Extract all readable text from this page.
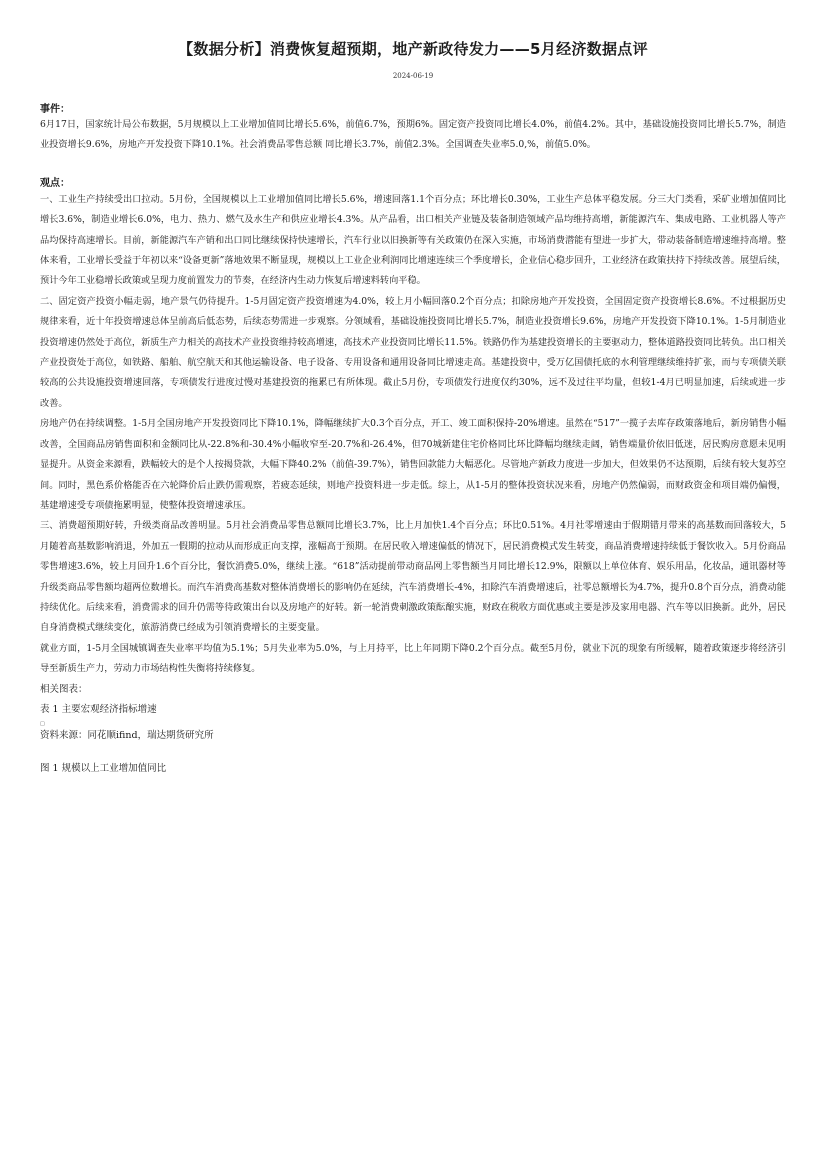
【数据分析】消费恢复超预期，地产新政待发力——5月经济数据点评
2024-06-19
事件：

6月17日，国家统计局公布数据，5月规模以上工业增加值同比增长5.6%，前值6.7%，预期6%。固定资产投资同比增长4.0%，前值4.2%。其中，基础设施投资同比增长5.7%，制造业投资增长9.6%，房地产开发投资下降10.1%。社会消费品零售总额 同比增长3.7%，前值2.3%。全国调查失业率5.0,%，前值5.0%。

观点：

一、工业生产持续受出口拉动。5月份，全国规模以上工业增加值同比增长5.6%，增速回落1.1个百分点；环比增长0.30%，工业生产总体平稳发展。分三大门类看，采矿业增加值同比增长3.6%，制造业增长6.0%，电力、热力、燃气及水生产和供应业增长4.3%。从产品看，出口相关产业链及装备制造领域产品均维持高增，新能源汽车、集成电路、工业机器人等产品均保持高速增长。目前，新能源汽车产销和出口同比继续保持快速增长，汽车行业以旧换新等有关政策仍在深入实施，市场消费潜能有望进一步扩大，带动装备制造增速维持高增。整体来看，工业增长受益于年初以来“设备更新”落地效果不断显现，规模以上工业企业利润同比增速连续三个季度增长，企业信心稳步回升，工业经济在政策扶持下持续改善。展望后续，预计今年工业稳增长政策或呈现力度前置发力的节奏，在经济内生动力恢复后增速料转向平稳。

二、固定资产投资小幅走弱，地产景气仍待提升。1-5月固定资产投资增速为4.0%，较上月小幅回落0.2个百分点；扣除房地产开发投资，全国固定资产投资增长8.6%。不过根据历史规律来看，近十年投资增速总体呈前高后低态势，后续态势需进一步观察。分领域看，基础设施投资同比增长5.7%，制造业投资增长9.6%，房地产开发投资下降10.1%。1-5月制造业投资增速仍然处于高位，新质生产力相关的高技术产业投资维持较高增速，高技术产业投资同比增长11.5%。铁路仍作为基建投资增长的主要驱动力，整体道路投资同比转负。出口相关产业投资处于高位，如铁路、船舶、航空航天和其他运输设备、电子设备、专用设备和通用设备同比增速走高。基建投资中，受万亿国债托底的水利管理继续维持扩张，而与专项债关联较高的公共设施投资增速回落，专项债发行进度过慢对基建投资的拖累已有所体现。截止5月份，专项债发行进度仅约30%，远不及过往平均量，但较1-4月已明显加速，后续或进一步改善。

房地产仍在持续调整。1-5月全国房地产开发投资同比下降10.1%，降幅继续扩大0.3个百分点，开工、竣工面积保持-20%增速。虽然在“517”一揽子去库存政策落地后，新房销售小幅改善，全国商品房销售面积和金额同比从-22.8%和-30.4%小幅收窄至-20.7%和-26.4%，但70城新建住宅价格同比环比降幅均继续走阔，销售端量价依旧低迷，居民购房意愿未见明显提升。从资金来源看，跌幅较大的是个人按揭贷款，大幅下降40.2%（前值-39.7%），销售回款能力大幅恶化。尽管地产新政力度进一步加大，但效果仍不达预期，后续有较大复苏空间。同时，黑色系价格能否在六轮降价后止跌仍需观察，若疲态延续，则地产投资料进一步走低。综上，从1-5月的整体投资状况来看，房地产仍然偏弱，而财政资金和项目端仍偏慢，基建增速受专项债拖累明显，使整体投资增速承压。

三、消费超预期好转，升级类商品改善明显。5月社会消费品零售总额同比增长3.7%，比上月加快1.4个百分点；环比0.51%。4月社零增速由于假期错月带来的高基数而回落较大，5月随着高基数影响消退，外加五一假期的拉动从而形成正向支撑，涨幅高于预期。在居民收入增速偏低的情况下，居民消费模式发生转变，商品消费增速持续低于餐饮收入。5月份商品零售增速3.6%，较上月回升1.6个百分比，餐饮消费5.0%，继续上涨。“618”活动提前带动商品网上零售额当月同比增长12.9%，限额以上单位体育、娱乐用品，化妆品，通讯器材等升级类商品零售额均超两位数增长。而汽车消费高基数对整体消费增长的影响仍在延续，汽车消费增长-4%，扣除汽车消费增速后，社零总额增长为4.7%，提升0.8个百分点，消费动能持续优化。后续来看，消费需求的回升仍需等待政策出台以及房地产的好转。新一轮消费刺激政策酝酿实施，财政在税收方面优惠或主要是涉及家用电器、汽车等以旧换新。此外，居民自身消费模式继续变化，旅游消费已经成为引领消费增长的主要变量。

就业方面，1-5月全国城镇调查失业率平均值为5.1%；5月失业率为5.0%，与上月持平，比上年同期下降0.2个百分点。截至5月份，就业下沉的现象有所缓解，随着政策逐步将经济引导至新质生产力，劳动力市场结构性失衡将持续修复。

相关图表：

表 1 主要宏观经济指标增速

□

资料来源：同花顺ifind，瑞达期货研究所

图 1 规模以上工业增加值同比
